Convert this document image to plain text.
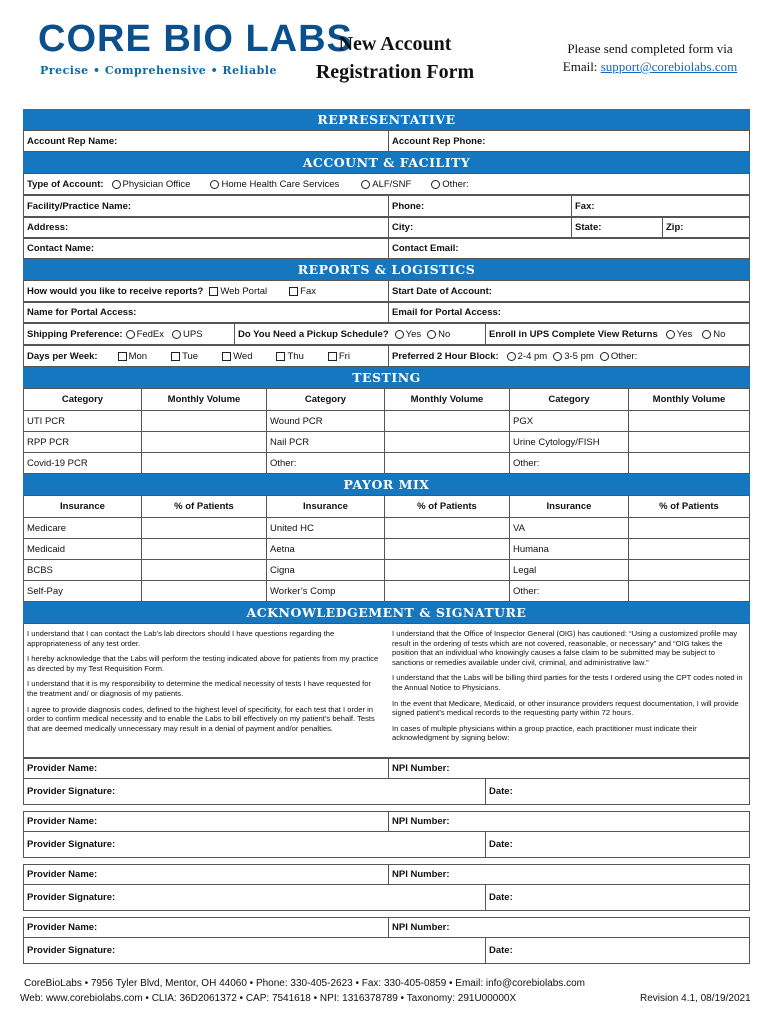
CORE BIO LABS
Precise • Comprehensive • Reliable
New Account
Registration Form
Please send completed form via
Email: support@corebiolabs.com
REPRESENTATIVE
Account Rep Name:	Account Rep Phone:
ACCOUNT & FACILITY
Type of Account: Physician Office	Home Health Care Services	ALF/SNF	Other:
Facility/Practice Name:	Phone:	Fax:
Address:	City:	State:	Zip:
Contact Name:	Contact Email:
REPORTS & LOGISTICS
How would you like to receive reports? Web Portal	Fax	Start Date of Account:
Name for Portal Access:	Email for Portal Access:
Shipping Preference: FedEx UPS	Do You Need a Pickup Schedule? Yes No	Enroll in UPS Complete View Returns Yes No
Days per Week:	Mon	Tue	Wed	Thu	Fri	Preferred 2 Hour Block: 2-4 pm 3-5 pm Other:
TESTING
Category	Monthly Volume	Category	Monthly Volume	Category	Monthly Volume
UTI PCR	Wound PCR	PGX
RPP PCR	Nail PCR	Urine Cytology/FISH
Covid-19 PCR	Other:	Other:
PAYOR MIX
Insurance	% of Patients	Insurance	% of Patients	Insurance	% of Patients
Medicare	United HC	VA
Medicaid	Aetna	Humana
BCBS	Cigna	Legal
Self-Pay	Worker’s Comp	Other:
ACKNOWLEDGEMENT & SIGNATURE

I understand that I can contact the Lab’s lab directors should I have questions regarding the appropriateness of any test order.

I hereby acknowledge that the Labs will perform the testing indicated above for patients from my practice as directed by my Test Requisition Form.

I understand that it is my responsibility to determine the medical necessity of tests I have requested for the treatment and/ or diagnosis of my patients.

I agree to provide diagnosis codes, defined to the highest level of specificity, for each test that I order in order to confirm medical necessity and to enable the Labs to bill effectively on my patient’s behalf. Tests that are deemed medically unnecessary may result in a denial of payment and/or penalties.

I understand that the Office of Inspector General (OIG) has cautioned: “Using a customized profile may result in the ordering of tests which are not covered, reasonable, or necessary” and “OIG takes the position that an individual who knowingly causes a false claim to be submitted may be subject to sanctions or remedies available under civil, criminal, and administrative law.”

I understand that the Labs will be billing third parties for the tests I ordered using the CPT codes noted in the Annual Notice to Physicians.

In the event that Medicare, Medicaid, or other insurance providers request documentation, I will provide signed patient’s medical records to the requesting party within 72 hours.

In cases of multiple physicians within a group practice, each practitioner must indicate their acknowledgment by signing below:

Provider Name:	NPI Number:
Provider Signature:	Date:
Provider Name:	NPI Number:
Provider Signature:	Date:
Provider Name:	NPI Number:
Provider Signature:	Date:
Provider Name:	NPI Number:
Provider Signature:	Date:
CoreBioLabs • 7956 Tyler Blvd, Mentor, OH 44060 • Phone: 330-405-2623 • Fax: 330-405-0859 • Email: info@corebiolabs.com
Web: www.corebiolabs.com • CLIA: 36D2061372 • CAP: 7541618 • NPI: 1316378789 • Taxonomy: 291U00000X	Revision 4.1, 08/19/2021
